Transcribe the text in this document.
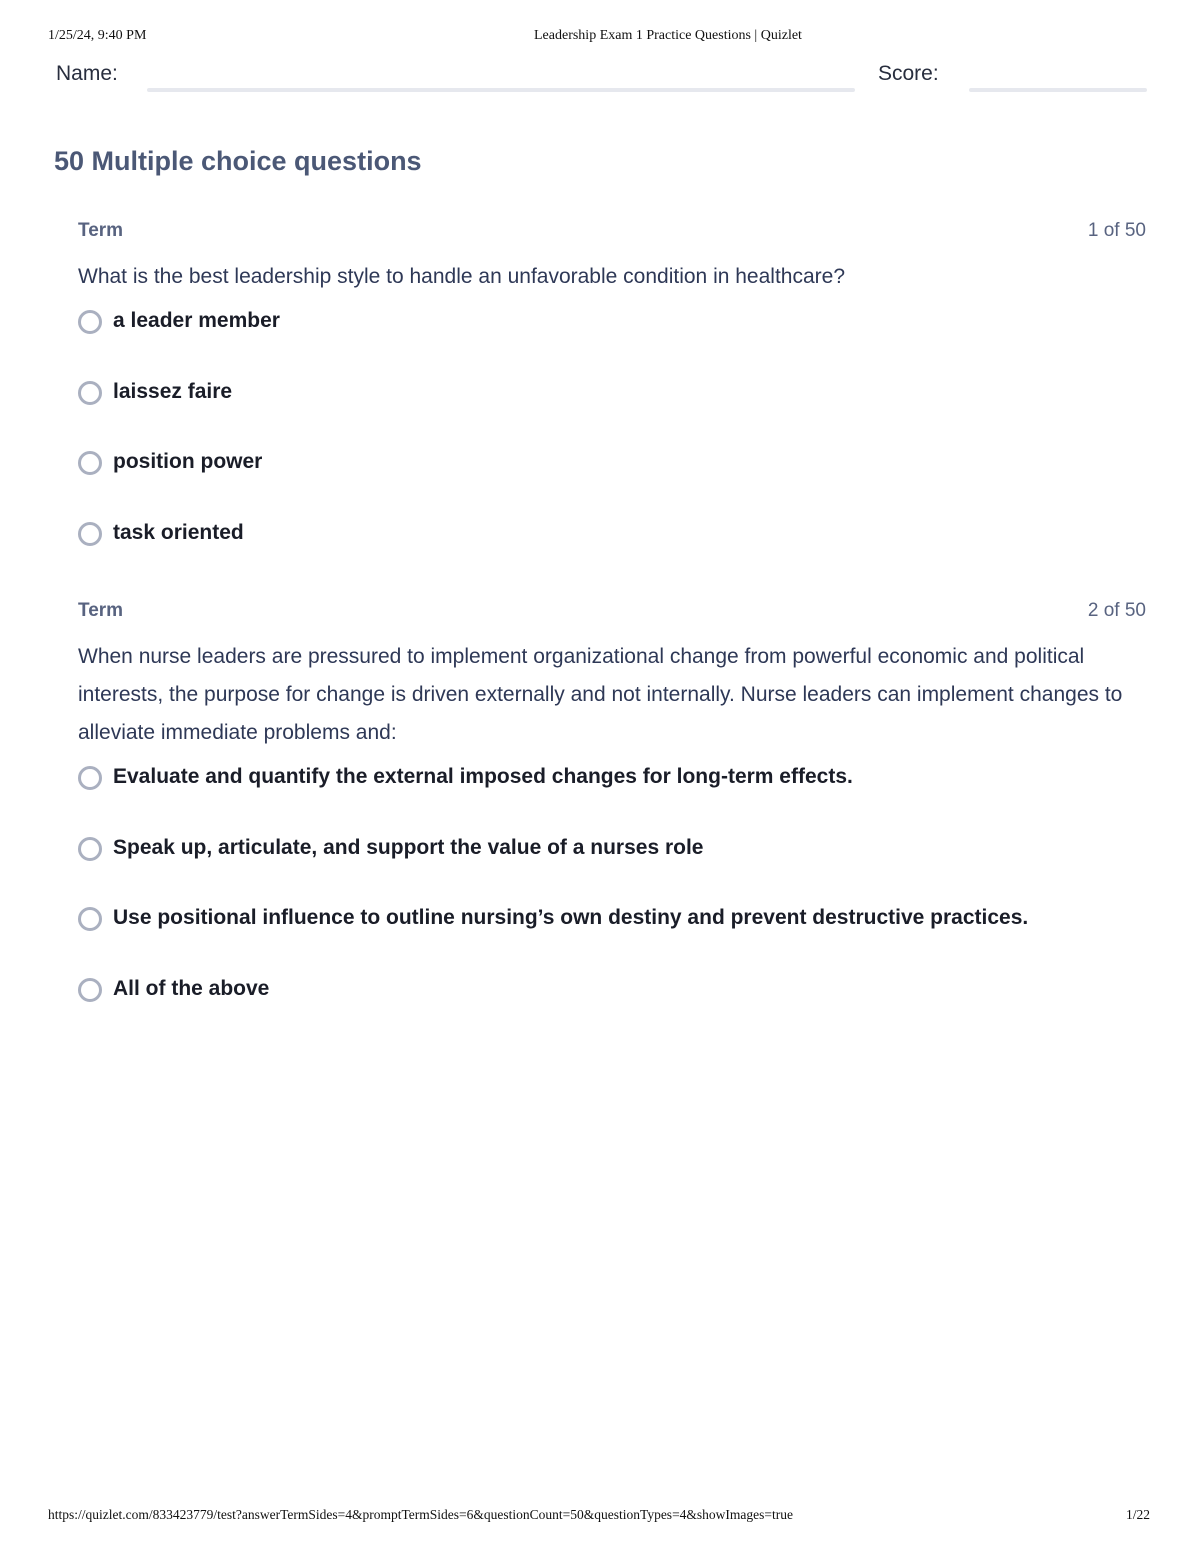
1/25/24, 9:40 PM	Leadership Exam 1 Practice Questions | Quizlet
Name:	Score:
50 Multiple choice questions
Term	1 of 50

What is the best leadership style to handle an unfavorable condition in healthcare?

a leader member
laissez faire
position power
task oriented
Term	2 of 50

When nurse leaders are pressured to implement organizational change from powerful economic and political interests, the purpose for change is driven externally and not internally. Nurse leaders can implement changes to alleviate immediate problems and:

Evaluate and quantify the external imposed changes for long-term effects.
Speak up, articulate, and support the value of a nurses role
Use positional influence to outline nursing’s own destiny and prevent destructive practices.
All of the above
https://quizlet.com/833423779/test?answerTermSides=4&promptTermSides=6&questionCount=50&questionTypes=4&showImages=true	1/22
